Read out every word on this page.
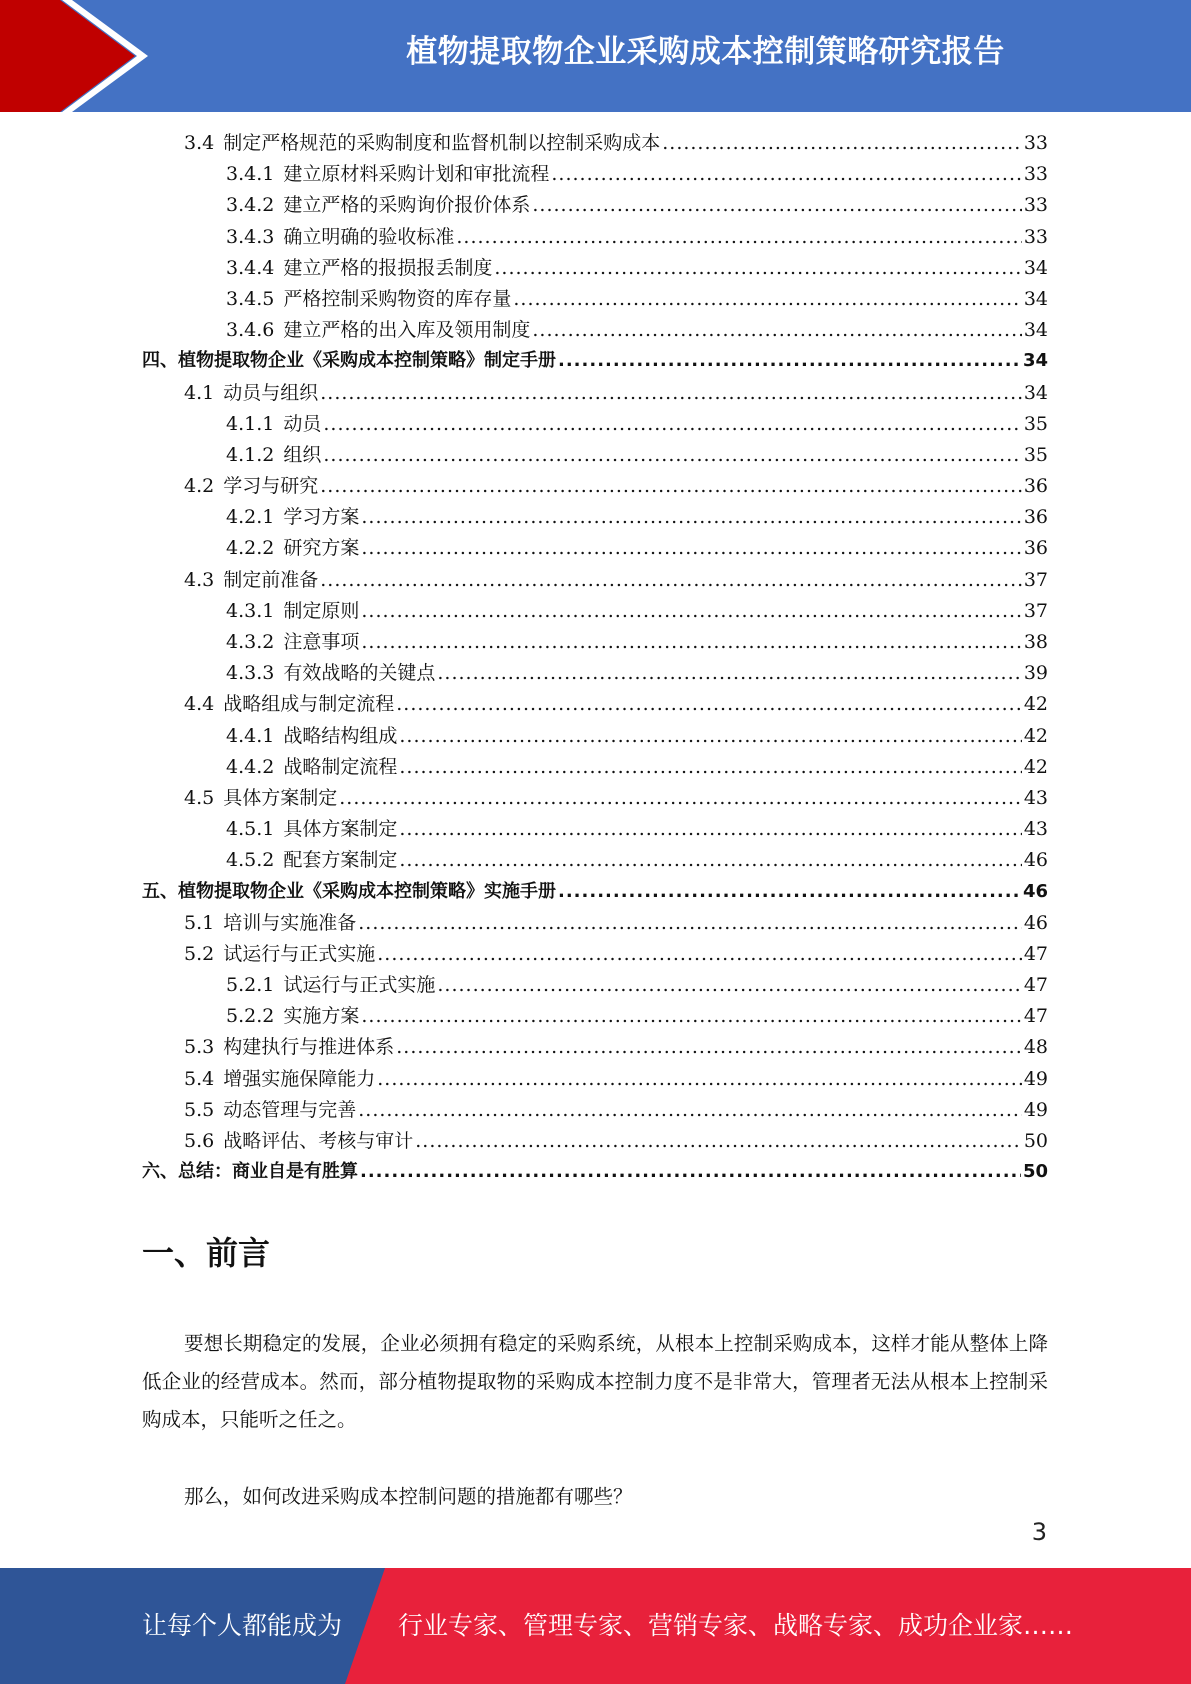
植物提取物企业采购成本控制策略研究报告
3.4 制定严格规范的采购制度和监督机制以控制采购成本 .....	33
3.4.1 建立原材料采购计划和审批流程 .....	33
3.4.2 建立严格的采购询价报价体系 .....	33
3.4.3 确立明确的验收标准 .....	33
3.4.4 建立严格的报损报丢制度 .....	34
3.4.5 严格控制采购物资的库存量 .....	34
3.4.6 建立严格的出入库及领用制度 .....	34
四、植物提取物企业《采购成本控制策略》制定手册 .....	34
4.1 动员与组织 .....	34
4.1.1 动员 .....	35
4.1.2 组织 .....	35
4.2 学习与研究 .....	36
4.2.1 学习方案 .....	36
4.2.2 研究方案 .....	36
4.3 制定前准备 .....	37
4.3.1 制定原则 .....	37
4.3.2 注意事项 .....	38
4.3.3 有效战略的关键点 .....	39
4.4 战略组成与制定流程 .....	42
4.4.1 战略结构组成 .....	42
4.4.2 战略制定流程 .....	42
4.5 具体方案制定 .....	43
4.5.1 具体方案制定 .....	43
4.5.2 配套方案制定 .....	46
五、植物提取物企业《采购成本控制策略》实施手册 .....	46
5.1 培训与实施准备 .....	46
5.2 试运行与正式实施 .....	47
5.2.1 试运行与正式实施 .....	47
5.2.2 实施方案 .....	47
5.3 构建执行与推进体系 .....	48
5.4 增强实施保障能力 .....	49
5.5 动态管理与完善 .....	49
5.6 战略评估、考核与审计 .....	50
六、总结：商业自是有胜算 .....	50
一、前言

要想长期稳定的发展，企业必须拥有稳定的采购系统，从根本上控制采购成本，这样才能从整体上降低企业的经营成本。然而，部分植物提取物的采购成本控制力度不是非常大，管理者无法从根本上控制采购成本，只能听之任之。

那么，如何改进采购成本控制问题的措施都有哪些？

3
让每个人都能成为 行业专家、管理专家、营销专家、战略专家、成功企业家……
